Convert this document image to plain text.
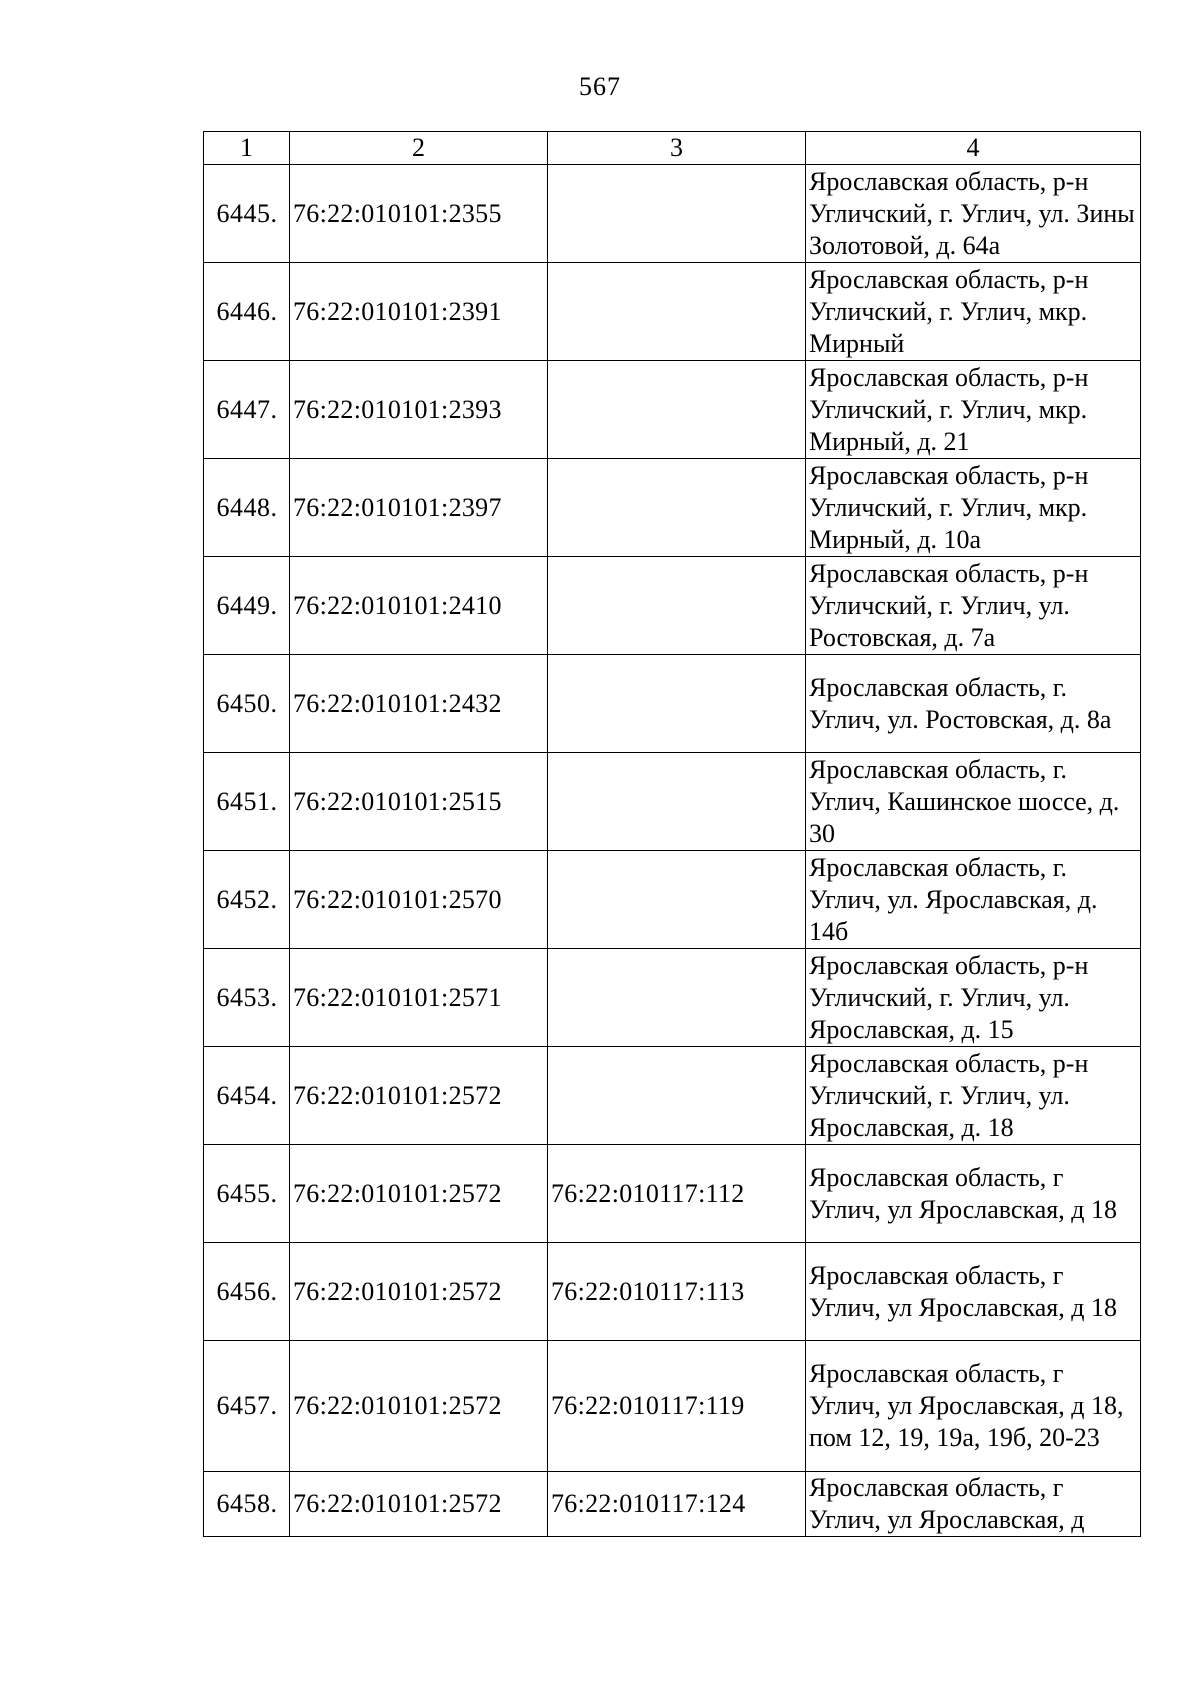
567
1	2	3	4
6445.	76:22:010101:2355		Ярославская область, р-н Угличский, г. Углич, ул. Зины Золотовой, д. 64а
6446.	76:22:010101:2391		Ярославская область, р-н Угличский, г. Углич, мкр. Мирный
6447.	76:22:010101:2393		Ярославская область, р-н Угличский, г. Углич, мкр. Мирный, д. 21
6448.	76:22:010101:2397		Ярославская область, р-н Угличский, г. Углич, мкр. Мирный, д. 10а
6449.	76:22:010101:2410		Ярославская область, р-н Угличский, г. Углич, ул. Ростовская, д. 7а
6450.	76:22:010101:2432		Ярославская область, г. Углич, ул. Ростовская, д. 8а
6451.	76:22:010101:2515		Ярославская область, г. Углич, Кашинское шоссе, д. 30
6452.	76:22:010101:2570		Ярославская область, г. Углич, ул. Ярославская, д. 14б
6453.	76:22:010101:2571		Ярославская область, р-н Угличский, г. Углич, ул. Ярославская, д. 15
6454.	76:22:010101:2572		Ярославская область, р-н Угличский, г. Углич, ул. Ярославская, д. 18
6455.	76:22:010101:2572	76:22:010117:112	Ярославская область, г Углич, ул Ярославская, д 18
6456.	76:22:010101:2572	76:22:010117:113	Ярославская область, г Углич, ул Ярославская, д 18
6457.	76:22:010101:2572	76:22:010117:119	Ярославская область, г Углич, ул Ярославская, д 18, пом 12, 19, 19а, 19б, 20-23
6458.	76:22:010101:2572	76:22:010117:124	Ярославская область, г Углич, ул Ярославская, д
